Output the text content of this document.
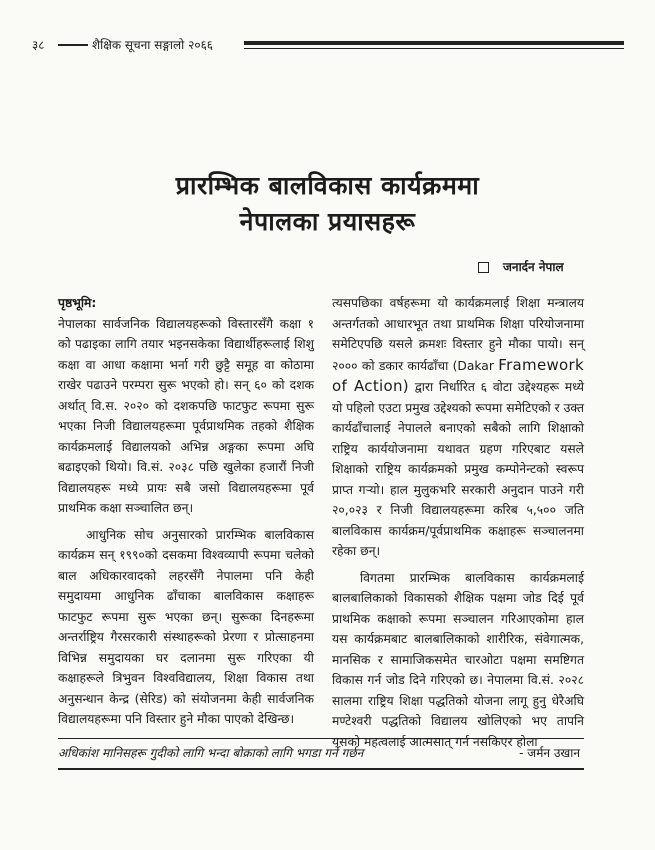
३८	शैक्षिक सूचना सङ्गालो २०६६
प्रारम्भिक बालविकास कार्यक्रममा
नेपालका प्रयासहरू
जनार्दन नेपाल

पृष्ठभूमि:

नेपालका सार्वजनिक विद्यालयहरूको विस्तारसँगै कक्षा १ को पढाइका लागि तयार भइनसकेका विद्यार्थीहरूलाई शिशु कक्षा वा आधा कक्षामा भर्ना गरी छुट्टै समूह वा कोठामा राखेर पढाउने परम्परा सुरू भएको हो। सन् ६० को दशक अर्थात् वि.स. २०२० को दशकपछि फाटफुट रूपमा सुरू भएका निजी विद्यालयहरूमा पूर्वप्राथमिक तहको शैक्षिक कार्यक्रमलाई विद्यालयको अभिन्न अङ्गका रूपमा अघि बढाइएको थियो। वि.सं. २०३८ पछि खुलेका हजारौं निजी विद्यालयहरू मध्ये प्रायः सबै जसो विद्यालयहरूमा पूर्व प्राथमिक कक्षा सञ्चालित छन्।

आधुनिक सोच अनुसारको प्रारम्भिक बालविकास कार्यक्रम सन् १९९०को दसकमा विश्वव्यापी रूपमा चलेको बाल अधिकारवादको लहरसँगै नेपालमा पनि केही समुदायमा आधुनिक ढाँचाका बालविकास कक्षाहरू फाटफुट रूपमा सुरू भएका छन्। सुरूका दिनहरूमा अन्तर्राष्ट्रिय गैरसरकारी संस्थाहरूको प्रेरणा र प्रोत्साहनमा विभिन्न समुदायका घर दलानमा सुरू गरिएका यी कक्षाहरूले त्रिभुवन विश्वविद्यालय, शिक्षा विकास तथा अनुसन्धान केन्द्र (सेरिड) को संयोजनमा केही सार्वजनिक विद्यालयहरूमा पनि विस्तार हुने मौका पाएको देखिन्छ।

त्यसपछिका वर्षहरूमा यो कार्यक्रमलाई शिक्षा मन्त्रालय अन्तर्गतको आधारभूत तथा प्राथमिक शिक्षा परियोजनामा समेटिएपछि यसले क्रमशः विस्तार हुने मौका पायो। सन् २००० को डकार कार्यढाँचा (Dakar Framework of Action) द्वारा निर्धारित ६ वोटा उद्देश्यहरू मध्ये यो पहिलो एउटा प्रमुख उद्देश्यको रूपमा समेटिएको र उक्त कार्यढाँचालाई नेपालले बनाएको सबैको लागि शिक्षाको राष्ट्रिय कार्ययोजनामा यथावत ग्रहण गरिएबाट यसले शिक्षाको राष्ट्रिय कार्यक्रमको प्रमुख कम्पोनेन्टको स्वरूप प्राप्त गऱ्यो। हाल मुलुकभरि सरकारी अनुदान पाउने गरी २०,०२३ र निजी विद्यालयहरूमा करिब ५,५०० जति बालविकास कार्यक्रम/पूर्वप्राथमिक कक्षाहरू सञ्चालनमा रहेका छन्।

विगतमा प्रारम्भिक बालविकास कार्यक्रमलाई बालबालिकाको विकासको शैक्षिक पक्षमा जोड दिई पूर्व प्राथमिक कक्षाको रूपमा सञ्चालन गरिआएकोमा हाल यस कार्यक्रमबाट बालबालिकाको शारीरिक, संवेगात्मक, मानसिक र सामाजिकसमेत चारओटा पक्षमा समष्टिगत विकास गर्न जोड दिने गरिएको छ। नेपालमा वि.सं. २०२८ सालमा राष्ट्रिय शिक्षा पद्धतिको योजना लागू हुनु धेरैअघि मण्टेश्वरी पद्धतिको विद्यालय खोलिएको भए तापनि यसको महत्वलाई आत्मसात् गर्न नसकिएर होला

अधिकांश मानिसहरू गुदीको लागि भन्दा बोक्राको लागि भगडा गर्ने गर्छन	- जर्मन उखान
